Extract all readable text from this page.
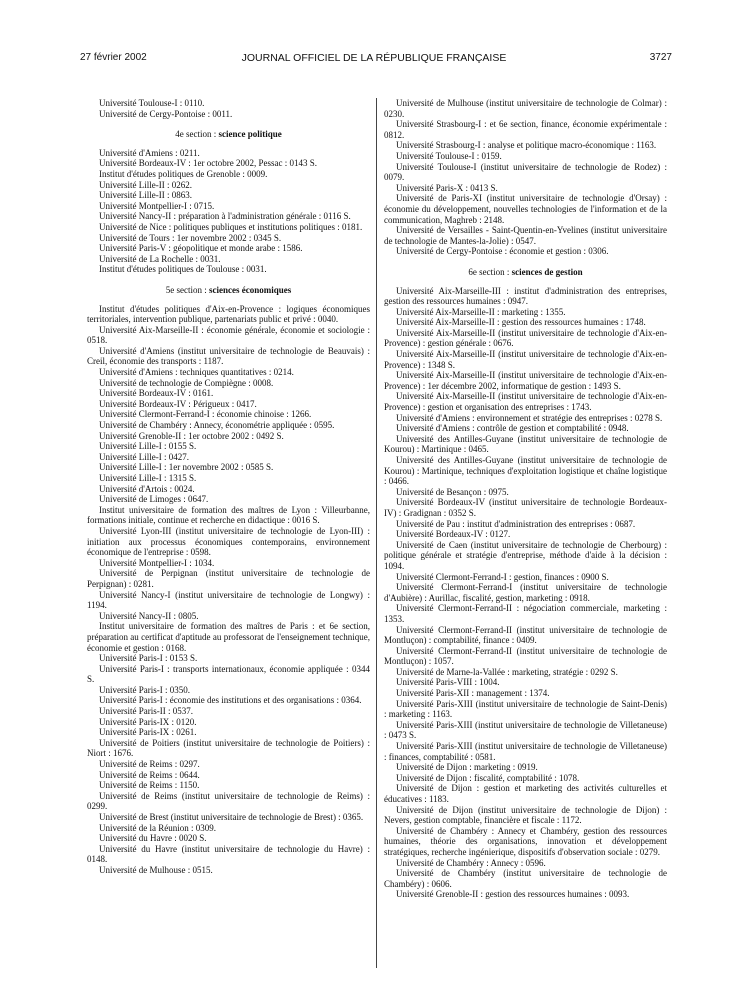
27 février 2002	JOURNAL OFFICIEL DE LA RÉPUBLIQUE FRANÇAISE	3727

Université Toulouse-I : 0110.

Université de Cergy-Pontoise : 0011.

4e section : science politique

Université d'Amiens : 0211.

Université Bordeaux-IV : 1er octobre 2002, Pessac : 0143 S.

Institut d'études politiques de Grenoble : 0009.

Université Lille-II : 0262.

Université Lille-II : 0863.

Université Montpellier-I : 0715.

Université Nancy-II : préparation à l'administration générale : 0116 S.

Université de Nice : politiques publiques et institutions politiques : 0181.

Université de Tours : 1er novembre 2002 : 0345 S.

Université Paris-V : géopolitique et monde arabe : 1586.

Université de La Rochelle : 0031.

Institut d'études politiques de Toulouse : 0031.

5e section : sciences économiques

Institut d'études politiques d'Aix-en-Provence : logiques économiques territoriales, intervention publique, partenariats public et privé : 0040.

Université Aix-Marseille-II : économie générale, économie et sociologie : 0518.

Université d'Amiens (institut universitaire de technologie de Beauvais) : Creil, économie des transports : 1187.

Université d'Amiens : techniques quantitatives : 0214.

Université de technologie de Compiègne : 0008.

Université Bordeaux-IV : 0161.

Université Bordeaux-IV : Périgueux : 0417.

Université Clermont-Ferrand-I : économie chinoise : 1266.

Université de Chambéry : Annecy, économétrie appliquée : 0595.

Université Grenoble-II : 1er octobre 2002 : 0492 S.

Université Lille-I : 0155 S.

Université Lille-I : 0427.

Université Lille-I : 1er novembre 2002 : 0585 S.

Université Lille-I : 1315 S.

Université d'Artois : 0024.

Université de Limoges : 0647.

Institut universitaire de formation des maîtres de Lyon : Villeurbanne, formations initiale, continue et recherche en didactique : 0016 S.

Université Lyon-III (institut universitaire de technologie de Lyon-III) : initiation aux processus économiques contemporains, environnement économique de l'entreprise : 0598.

Université Montpellier-I : 1034.

Université de Perpignan (institut universitaire de technologie de Perpignan) : 0281.

Université Nancy-I (institut universitaire de technologie de Longwy) : 1194.

Université Nancy-II : 0805.

Institut universitaire de formation des maîtres de Paris : et 6e section, préparation au certificat d'aptitude au professorat de l'enseignement technique, économie et gestion : 0168.

Université Paris-I : 0153 S.

Université Paris-I : transports internationaux, économie appliquée : 0344 S.

Université Paris-I : 0350.

Université Paris-I : économie des institutions et des organisations : 0364.

Université Paris-II : 0537.

Université Paris-IX : 0120.

Université Paris-IX : 0261.

Université de Poitiers (institut universitaire de technologie de Poitiers) : Niort : 1676.

Université de Reims : 0297.

Université de Reims : 0644.

Université de Reims : 1150.

Université de Reims (institut universitaire de technologie de Reims) : 0299.

Université de Brest (institut universitaire de technologie de Brest) : 0365.

Université de la Réunion : 0309.

Université du Havre : 0020 S.

Université du Havre (institut universitaire de technologie du Havre) : 0148.

Université de Mulhouse : 0515.

Université de Mulhouse (institut universitaire de technologie de Colmar) : 0230.

Université Strasbourg-I : et 6e section, finance, économie expérimentale : 0812.

Université Strasbourg-I : analyse et politique macro-économique : 1163.

Université Toulouse-I : 0159.

Université Toulouse-I (institut universitaire de technologie de Rodez) : 0079.

Université Paris-X : 0413 S.

Université de Paris-XI (institut universitaire de technologie d'Orsay) : économie du développement, nouvelles technologies de l'information et de la communication, Maghreb : 2148.

Université de Versailles - Saint-Quentin-en-Yvelines (institut universitaire de technologie de Mantes-la-Jolie) : 0547.

Université de Cergy-Pontoise : économie et gestion : 0306.

6e section : sciences de gestion

Université Aix-Marseille-III : institut d'administration des entreprises, gestion des ressources humaines : 0947.

Université Aix-Marseille-II : marketing : 1355.

Université Aix-Marseille-II : gestion des ressources humaines : 1748.

Université Aix-Marseille-II (institut universitaire de technologie d'Aix-en-Provence) : gestion générale : 0676.

Université Aix-Marseille-II (institut universitaire de technologie d'Aix-en-Provence) : 1348 S.

Université Aix-Marseille-II (institut universitaire de technologie d'Aix-en-Provence) : 1er décembre 2002, informatique de gestion : 1493 S.

Université Aix-Marseille-II (institut universitaire de technologie d'Aix-en-Provence) : gestion et organisation des entreprises : 1743.

Université d'Amiens : environnement et stratégie des entreprises : 0278 S.

Université d'Amiens : contrôle de gestion et comptabilité : 0948.

Université des Antilles-Guyane (institut universitaire de technologie de Kourou) : Martinique : 0465.

Université des Antilles-Guyane (institut universitaire de technologie de Kourou) : Martinique, techniques d'exploitation logistique et chaîne logistique : 0466.

Université de Besançon : 0975.

Université Bordeaux-IV (institut universitaire de technologie Bordeaux-IV) : Gradignan : 0352 S.

Université de Pau : institut d'administration des entreprises : 0687.

Université Bordeaux-IV : 0127.

Université de Caen (institut universitaire de technologie de Cherbourg) : politique générale et stratégie d'entreprise, méthode d'aide à la décision : 1094.

Université Clermont-Ferrand-I : gestion, finances : 0900 S.

Université Clermont-Ferrand-I (institut universitaire de technologie d'Aubière) : Aurillac, fiscalité, gestion, marketing : 0918.

Université Clermont-Ferrand-II : négociation commerciale, marketing : 1353.

Université Clermont-Ferrand-II (institut universitaire de technologie de Montluçon) : comptabilité, finance : 0409.

Université Clermont-Ferrand-II (institut universitaire de technologie de Montluçon) : 1057.

Université de Marne-la-Vallée : marketing, stratégie : 0292 S.

Université Paris-VIII : 1004.

Université Paris-XII : management : 1374.

Université Paris-XIII (institut universitaire de technologie de Saint-Denis) : marketing : 1163.

Université Paris-XIII (institut universitaire de technologie de Villetaneuse) : 0473 S.

Université Paris-XIII (institut universitaire de technologie de Villetaneuse) : finances, comptabilité : 0581.

Université de Dijon : marketing : 0919.

Université de Dijon : fiscalité, comptabilité : 1078.

Université de Dijon : gestion et marketing des activités culturelles et éducatives : 1183.

Université de Dijon (institut universitaire de technologie de Dijon) : Nevers, gestion comptable, financière et fiscale : 1172.

Université de Chambéry : Annecy et Chambéry, gestion des ressources humaines, théorie des organisations, innovation et développement stratégiques, recherche ingénierique, dispositifs d'observation sociale : 0279.

Université de Chambéry : Annecy : 0596.

Université de Chambéry (institut universitaire de technologie de Chambéry) : 0606.

Université Grenoble-II : gestion des ressources humaines : 0093.
